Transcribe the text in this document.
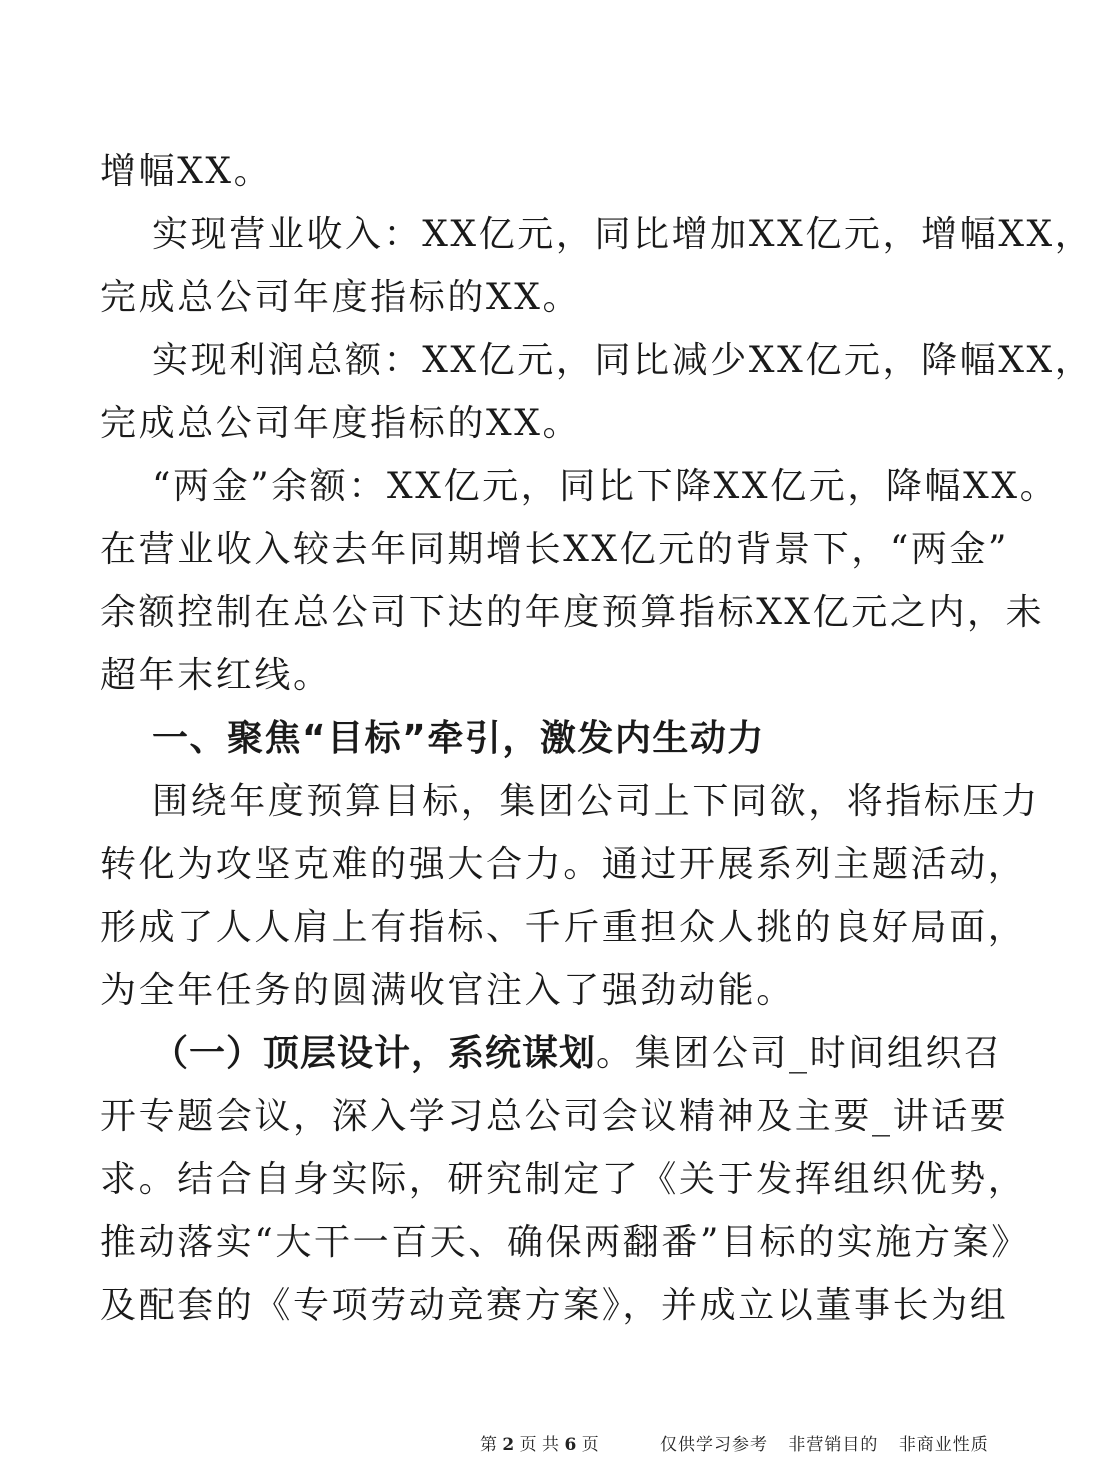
增幅XX。
实现营业收入：XX亿元，同比增加XX亿元，增幅XX，
完成总公司年度指标的XX。
实现利润总额：XX亿元，同比减少XX亿元，降幅XX，
完成总公司年度指标的XX。
“两金”余额：XX亿元，同比下降XX亿元，降幅XX。
在营业收入较去年同期增长XX亿元的背景下，“两金”
余额控制在总公司下达的年度预算指标XX亿元之内，未
超年末红线。
一、聚焦“目标”牵引，激发内生动力
围绕年度预算目标，集团公司上下同欲，将指标压力
转化为攻坚克难的强大合力。通过开展系列主题活动，
形成了人人肩上有指标、千斤重担众人挑的良好局面，
为全年任务的圆满收官注入了强劲动能。
（一）顶层设计，系统谋划。集团公司_时间组织召
开专题会议，深入学习总公司会议精神及主要_讲话要
求。结合自身实际，研究制定了《关于发挥组织优势，
推动落实“大干一百天、确保两翻番”目标的实施方案》
及配套的《专项劳动竞赛方案》，并成立以董事长为组
第 2 页 共 6 页	仅供学习参考 非营销目的 非商业性质
